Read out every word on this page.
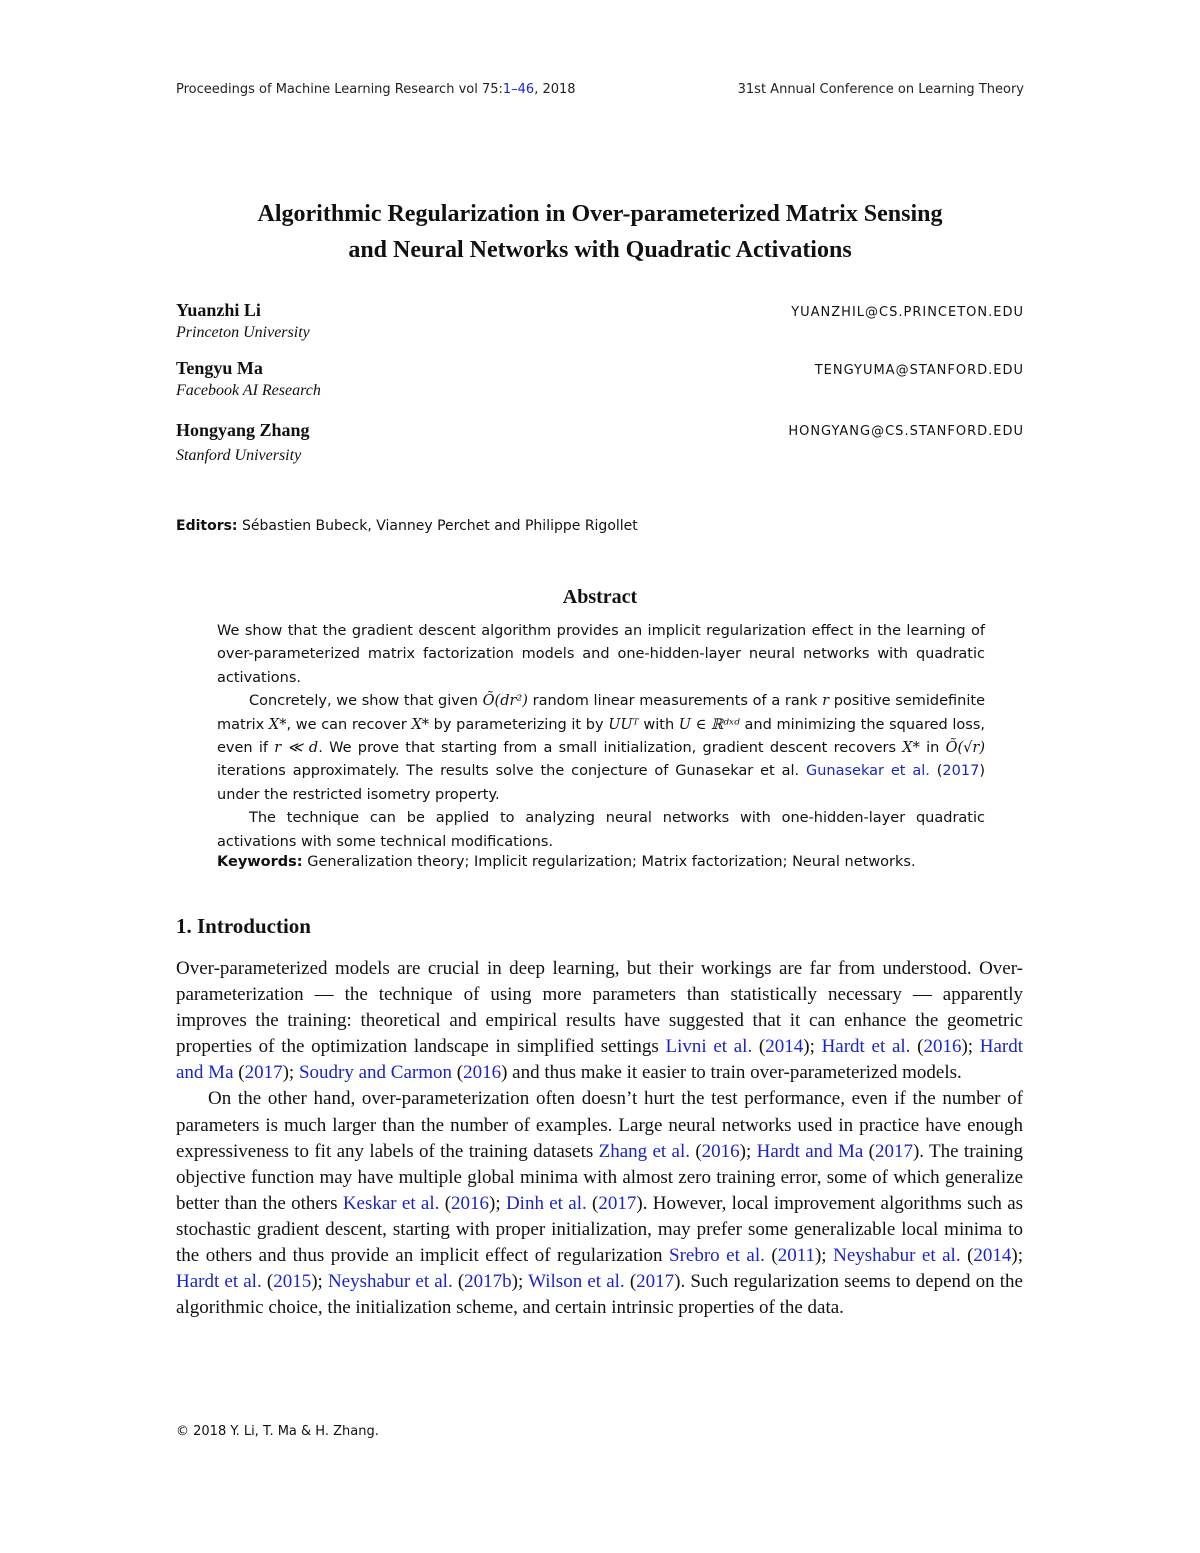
Proceedings of Machine Learning Research vol 75:1–46, 2018	31st Annual Conference on Learning Theory
Algorithmic Regularization in Over-parameterized Matrix Sensing
and Neural Networks with Quadratic Activations
Yuanzhi Li
Princeton University
YUANZHIL@CS.PRINCETON.EDU
Tengyu Ma
Facebook AI Research
TENGYUMA@STANFORD.EDU
Hongyang Zhang
Stanford University
HONGYANG@CS.STANFORD.EDU
Editors: Sébastien Bubeck, Vianney Perchet and Philippe Rigollet
Abstract

We show that the gradient descent algorithm provides an implicit regularization effect in the learning of over-parameterized matrix factorization models and one-hidden-layer neural networks with quadratic activations.

Concretely, we show that given Õ(dr²) random linear measurements of a rank r positive semidefinite matrix X*, we can recover X* by parameterizing it by UUᵀ with U ∈ ℝᵈˣᵈ and minimizing the squared loss, even if r ≪ d. We prove that starting from a small initialization, gradient descent recovers X* in Õ(√r) iterations approximately. The results solve the conjecture of Gunasekar et al. Gunasekar et al. (2017) under the restricted isometry property.

The technique can be applied to analyzing neural networks with one-hidden-layer quadratic activations with some technical modifications.

Keywords: Generalization theory; Implicit regularization; Matrix factorization; Neural networks.
1. Introduction

Over-parameterized models are crucial in deep learning, but their workings are far from understood. Over-parameterization — the technique of using more parameters than statistically necessary — apparently improves the training: theoretical and empirical results have suggested that it can enhance the geometric properties of the optimization landscape in simplified settings Livni et al. (2014); Hardt et al. (2016); Hardt and Ma (2017); Soudry and Carmon (2016) and thus make it easier to train over-parameterized models.

On the other hand, over-parameterization often doesn’t hurt the test performance, even if the number of parameters is much larger than the number of examples. Large neural networks used in practice have enough expressiveness to fit any labels of the training datasets Zhang et al. (2016); Hardt and Ma (2017). The training objective function may have multiple global minima with almost zero training error, some of which generalize better than the others Keskar et al. (2016); Dinh et al. (2017). However, local improvement algorithms such as stochastic gradient descent, starting with proper initialization, may prefer some generalizable local minima to the others and thus provide an implicit effect of regularization Srebro et al. (2011); Neyshabur et al. (2014); Hardt et al. (2015); Neyshabur et al. (2017b); Wilson et al. (2017). Such regularization seems to depend on the algorithmic choice, the initialization scheme, and certain intrinsic properties of the data.

© 2018 Y. Li, T. Ma & H. Zhang.
